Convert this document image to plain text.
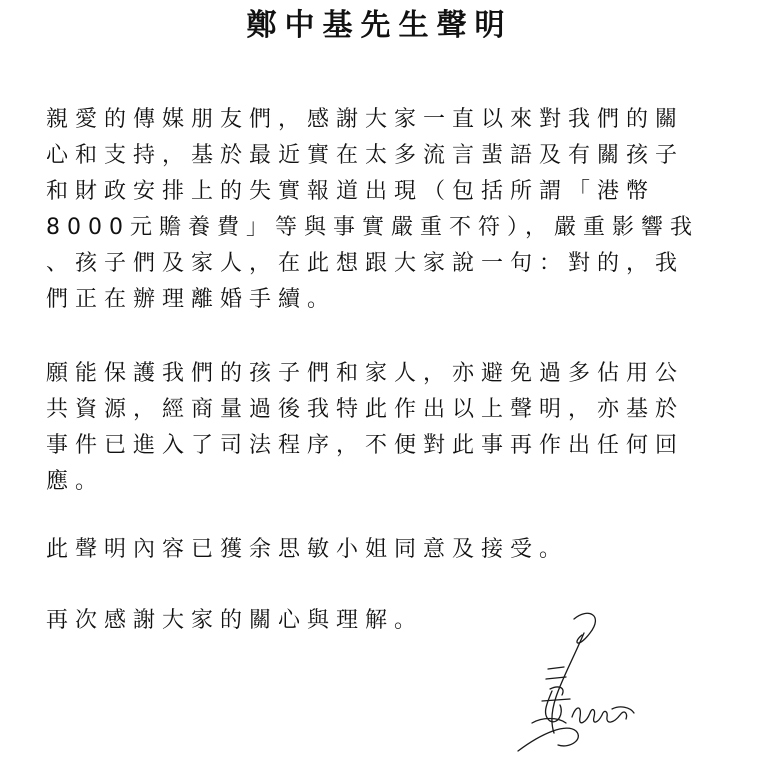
鄭中基先生聲明

親愛的傳媒朋友們，感謝大家一直以來對我們的關
心和支持，基於最近實在太多流言蜚語及有關孩子
和財政安排上的失實報道出現（包括所謂「港幣
8000元贍養費」等與事實嚴重不符），嚴重影響我
、孩子們及家人，在此想跟大家說一句：對的，我
們正在辦理離婚手續。

願能保護我們的孩子們和家人，亦避免過多佔用公
共資源，經商量過後我特此作出以上聲明，亦基於
事件已進入了司法程序，不便對此事再作出任何回
應。

此聲明內容已獲余思敏小姐同意及接受。

再次感謝大家的關心與理解。
